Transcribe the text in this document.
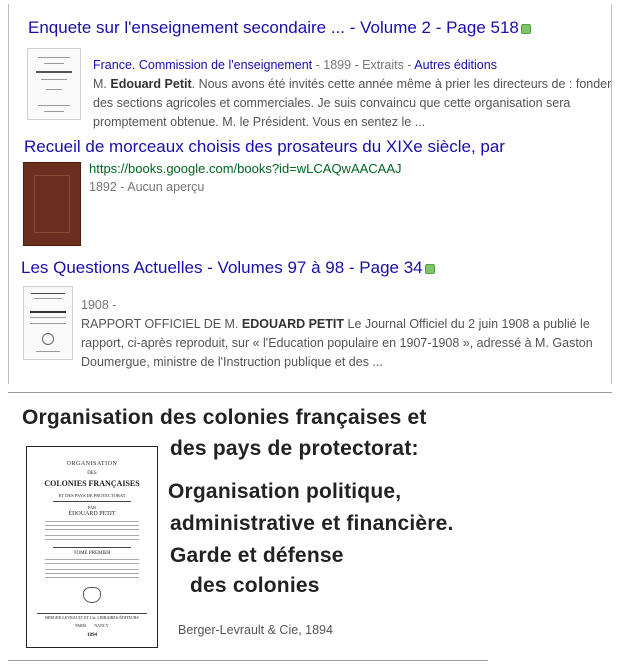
Enquete sur l'enseignement secondaire ... - Volume 2 - Page 518
France. Commission de l'enseignement - 1899 - Extraits - Autres éditions
M. Edouard Petit. Nous avons été invités cette année même à prier les directeurs de : fonder des sections agricoles et commerciales. Je suis convaincu que cette organisation sera promptement obtenue. M. le Président. Vous en sentez le ...
Recueil de morceaux choisis des prosateurs du XIXe siècle, par
https://books.google.com/books?id=wLCAQwAACAAJ
1892 - Aucun aperçu
Les Questions Actuelles - Volumes 97 à 98 - Page 34
1908 -
RAPPORT OFFICIEL DE M. EDOUARD PETIT Le Journal Officiel du 2 juin 1908 a publié le rapport, ci-après reproduit, sur « l'Education populaire en 1907-1908 », adressé à M. Gaston Doumergue, ministre de l'Instruction publique et des ...
Organisation des colonies françaises et
des pays de protectorat:
Organisation politique,
administrative et financière.
Garde et défense
des colonies
Berger-Levrault & Cie, 1894
ORGANISATION
DES
COLONIES FRANÇAISES
ET DES PAYS DE PROTECTORAT
PAR
ÉDOUARD PETIT
TOME PREMIER
BERGER-LEVRAULT ET Cie, LIBRAIRES-ÉDITEURS
PARIS NANCY
1894
